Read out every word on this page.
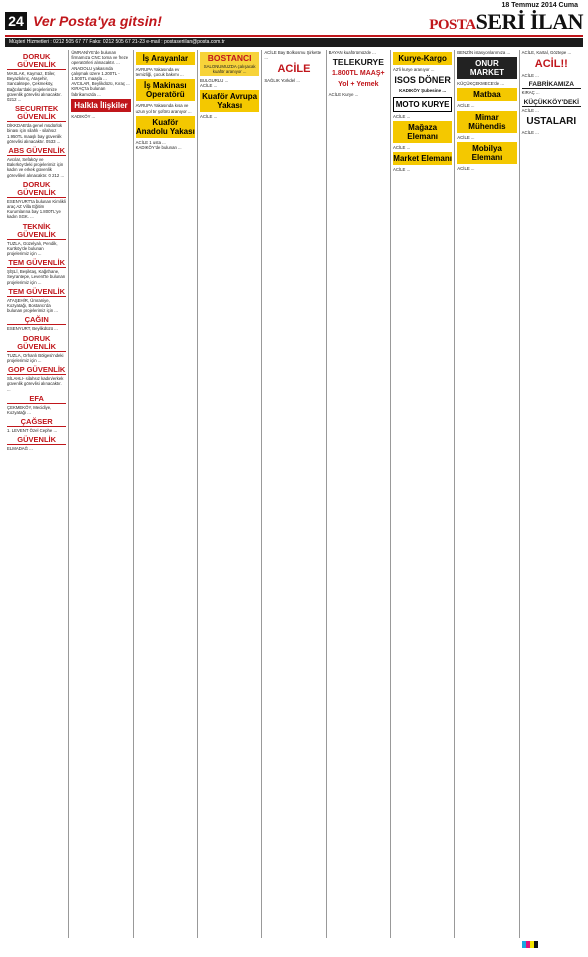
18 Temmuz 2014 Cuma
24 Ver Posta'ya gitsin!	POSTASERİ İLAN
Müşteri Hizmetleri : 0212 505 67 77 Faks: 0212 505 67 21-23 e-mail : postaseriilan@posta.com.tr
DORUK GÜVENLİK
MASLAK, Kaymaz, Etiler, Beyazkılınç, Ataşehir, Sancaktepe, Çekmeköy, Bağcılar'daki projelerimize güvenlik görevlisi alınacaktır. 0212 ...
SECURITEK GÜVENLİK
DİKKDAB'da genel müdürlük binası için silahlı - silahsız 1.950TL maaşlı bay güvenlik görevlisi alınacaktır. 0533 ...
ABS GÜVENLİK
Avcılar, Sefaköy ve Bakırköy'deki projelerimiz için kadın ve erkek güvenlik görevlileri alınacaktır. 0 212 ...
DORUK GÜVENLİK
ESENYURT'ta bulunan Kimlikli araç AZ Villa Eğitim Kurumlarına bay 1.800TL'ye kadın SGK. ...
TEKNİK GÜVENLİK
TUZLA, Güzelyalı, Pendik, Kurtköy'de bulunan projelerimiz için ...
TEM GÜVENLİK
ŞİŞLİ, Beşiktaş, Kağıthane, Seyrantepe, Levent'te bulunan projelerimiz için ...
TEM GÜVENLİK
ATAŞEHİR, Ümraniye, Kozyatağı, Bostancı'da bulunan projelerimiz için ...
ÇAĞIN
ESENYURT, Beylikdüzü ...
DORUK GÜVENLİK
TUZLA, Orhanlı Bölgesi'ndeki projelerimiz için ...
GOP GÜVENLİK
SİLAHLI- silahsız kadın/erkek güvenlik görevlisi alınacaktır. ...
EFA
ÇEKMEKÖY, Mecidiye, Kozyatağı ...
ÇAĞSER
1. LEVENT Özel Cephe ...
GÜVENLİK
ELMADAĞ ...
ÜMRANİYE'de bulunan firmamıza CNC torna ve freze operatörleri alınacaktır. ...
ANADOLU yakasında çalışmak üzere 1.200TL - 1.500TL maaşla ...
AVCILAR, Beylikdüzü, Kıraç ...
KIRAÇ'ta bulunan fabrikamızda ...
Halkla İlişkiler
KADIKÖY ...
İş Arayanlar
AVRUPA Yakasında ev temizliği, çocuk bakımı ...
İş Makinası Operatörü
AVRUPA Yakasında kısa ve uzun yol tır şoförü aranıyor ...
Kuaför Anadolu Yakası
ACİLE 1 usta ...
KADIKÖY'de bulunan ...
BOSTANCI
SALONUMUZDA çalışacak kuaför aranıyor ...
BULGURLU ...
ACİLE ...
Kuaför Avrupa Yakası
ACİLE ...
ACİLE Bay Bolkosmu Şirkette ...
ACİLE
SAĞLIK Yorkdel ...
BAYAN kuaförümüzde ...
TELEKURYE
1.800TL MAAŞ+
Yol + Yemek
ACİLE Kurye ...
Kurye-Kargo
A2'li kurye aranıyor ...
ISOS DÖNER
KADIKÖY Şubesine ...
MOTO KURYE
ACİLE ...
Mağaza Elemanı
ACİLE ...
Market Elemanı
ACİLE ...
BENZİN istasyonlarımıza ...
ONUR MARKET
KÜÇÜKÇEKMECE'de ...
Matbaa
ACİLE ...
Mimar Mühendis
ACİLE ...
Mobilya Elemanı
ACİLE ...
ACİLE, Kartal, Göztepe ...
ACİL!!
ACİLE ...
FABRİKAMIZA
KIRAÇ ...
KÜÇÜKKÖY'DEKİ
ACİLE ...
USTALARI
ACİLE ...
